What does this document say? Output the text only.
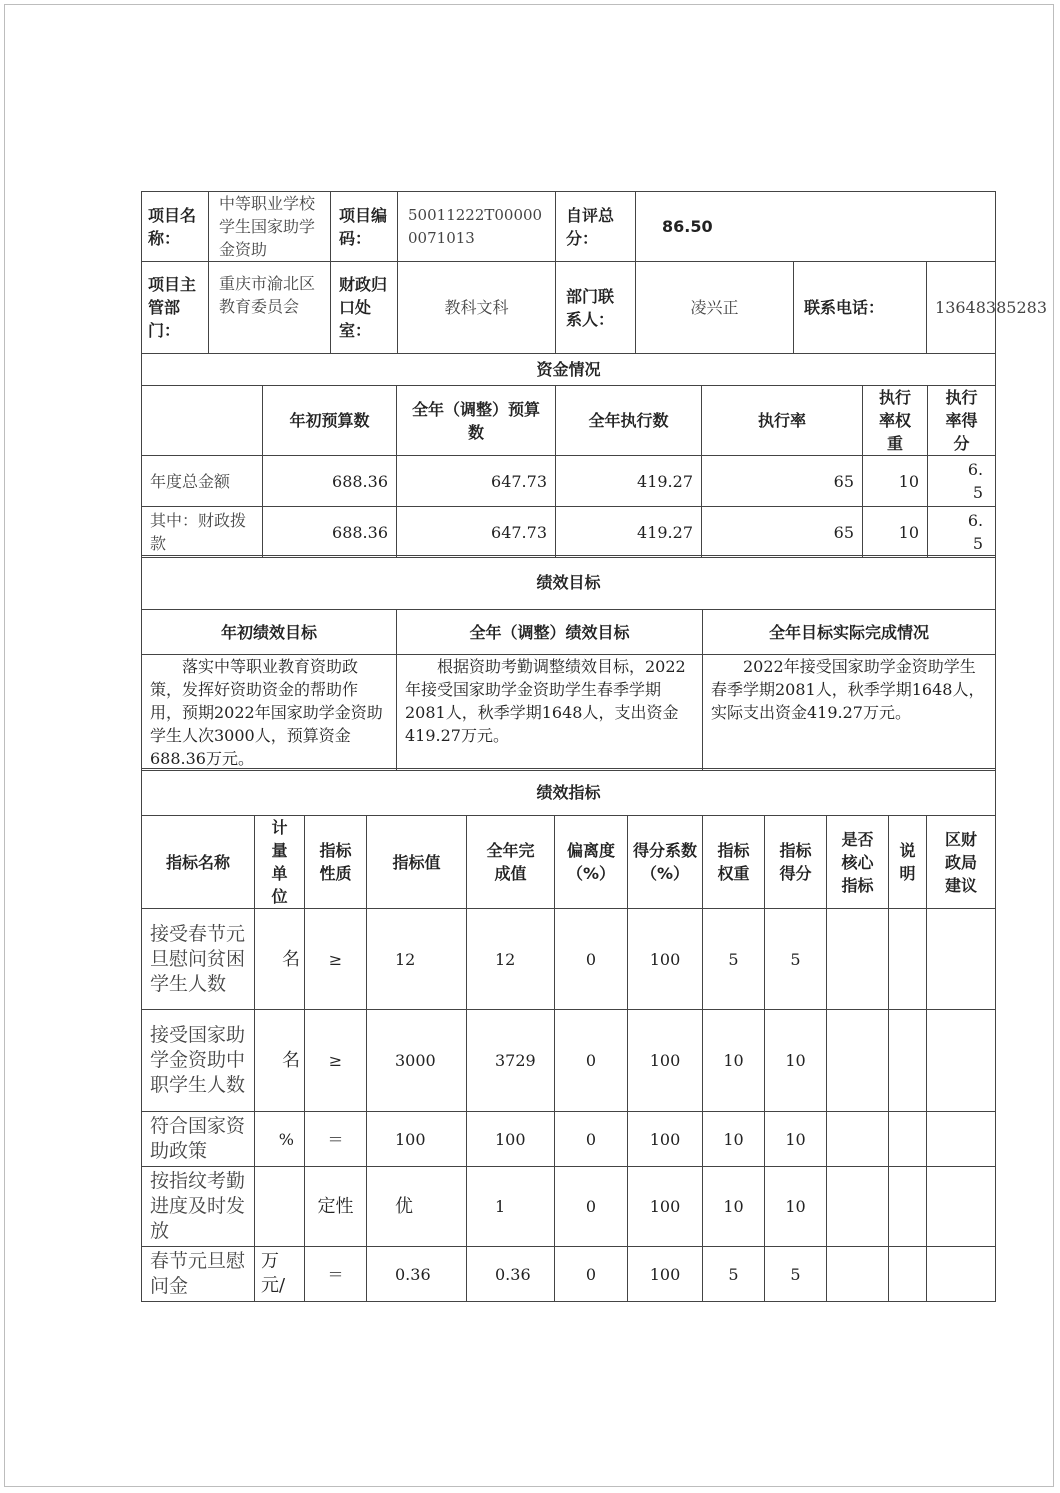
项目名称：	中等职业学校学生国家助学金资助	项目编码：	50011222T000000071013	自评总分：	86.50		
项目主管部门：	重庆市渝北区教育委员会	财政归口处室：	教科文科	部门联系人：	凌兴正	联系电话：	13648385283
资金情况						
	年初预算数	全年（调整）预算数	全年执行数	执行率	执行率权重	执行率得分
年度总金额	688.36	647.73	419.27	65	10	6.5
其中：财政拨款	688.36	647.73	419.27	65	10	6.5
绩效目标		
年初绩效目标	全年（调整）绩效目标	全年目标实际完成情况
落实中等职业教育资助政策，发挥好资助资金的帮助作用，预期2022年国家助学金资助学生人次3000人，预算资金688.36万元。	根据资助考勤调整绩效目标，2022年接受国家助学金资助学生春季学期2081人，秋季学期1648人，支出资金419.27万元。	2022年接受国家助学金资助学生春季学期2081人，秋季学期1648人，实际支出资金419.27万元。
绩效指标											
指标名称	计量单位	指标性质	指标值	全年完成值	偏离度（%）	得分系数（%）	指标权重	指标得分	是否核心指标	说明	区财政局建议
接受春节元旦慰问贫困学生人数	名	≥	12	12	0	100	5	5			
接受国家助学金资助中职学生人数	名	≥	3000	3729	0	100	10	10			
符合国家资助政策	%	＝	100	100	0	100	10	10			
按指纹考勤进度及时发放		定性	优	1	0	100	10	10			
春节元旦慰问金	万元/	＝	0.36	0.36	0	100	5	5			
